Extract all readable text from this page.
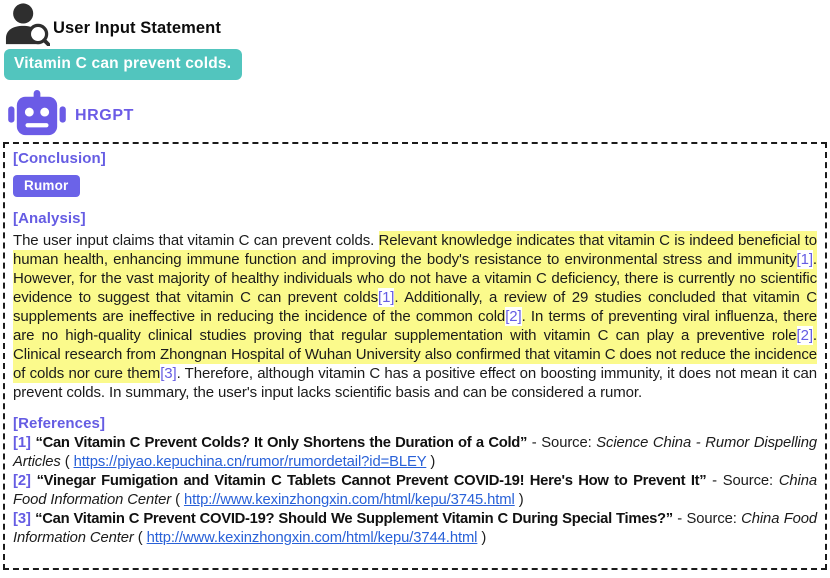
User Input Statement
Vitamin C can prevent colds.
HRGPT
[Conclusion]
Rumor
[Analysis]

The user input claims that vitamin C can prevent colds. Relevant knowledge indicates that vitamin C is indeed beneficial to human health, enhancing immune function and improving the body's resistance to environmental stress and immunity[1]. However, for the vast majority of healthy individuals who do not have a vitamin C deficiency, there is currently no scientific evidence to suggest that vitamin C can prevent colds[1]. Additionally, a review of 29 studies concluded that vitamin C supplements are ineffective in reducing the incidence of the common cold[2]. In terms of preventing viral influenza, there are no high-quality clinical studies proving that regular supplementation with vitamin C can play a preventive role[2]. Clinical research from Zhongnan Hospital of Wuhan University also confirmed that vitamin C does not reduce the incidence of colds nor cure them[3]. Therefore, although vitamin C has a positive effect on boosting immunity, it does not mean it can prevent colds. In summary, the user's input lacks scientific basis and can be considered a rumor.

[References]
[1] “Can Vitamin C Prevent Colds? It Only Shortens the Duration of a Cold” - Source: Science China - Rumor Dispelling Articles ( https://piyao.kepuchina.cn/rumor/rumordetail?id=BLEY )
[2] “Vinegar Fumigation and Vitamin C Tablets Cannot Prevent COVID-19! Here's How to Prevent It” - Source: China Food Information Center ( http://www.kexinzhongxin.com/html/kepu/3745.html )
[3] “Can Vitamin C Prevent COVID-19? Should We Supplement Vitamin C During Special Times?” - Source: China Food Information Center ( http://www.kexinzhongxin.com/html/kepu/3744.html )
